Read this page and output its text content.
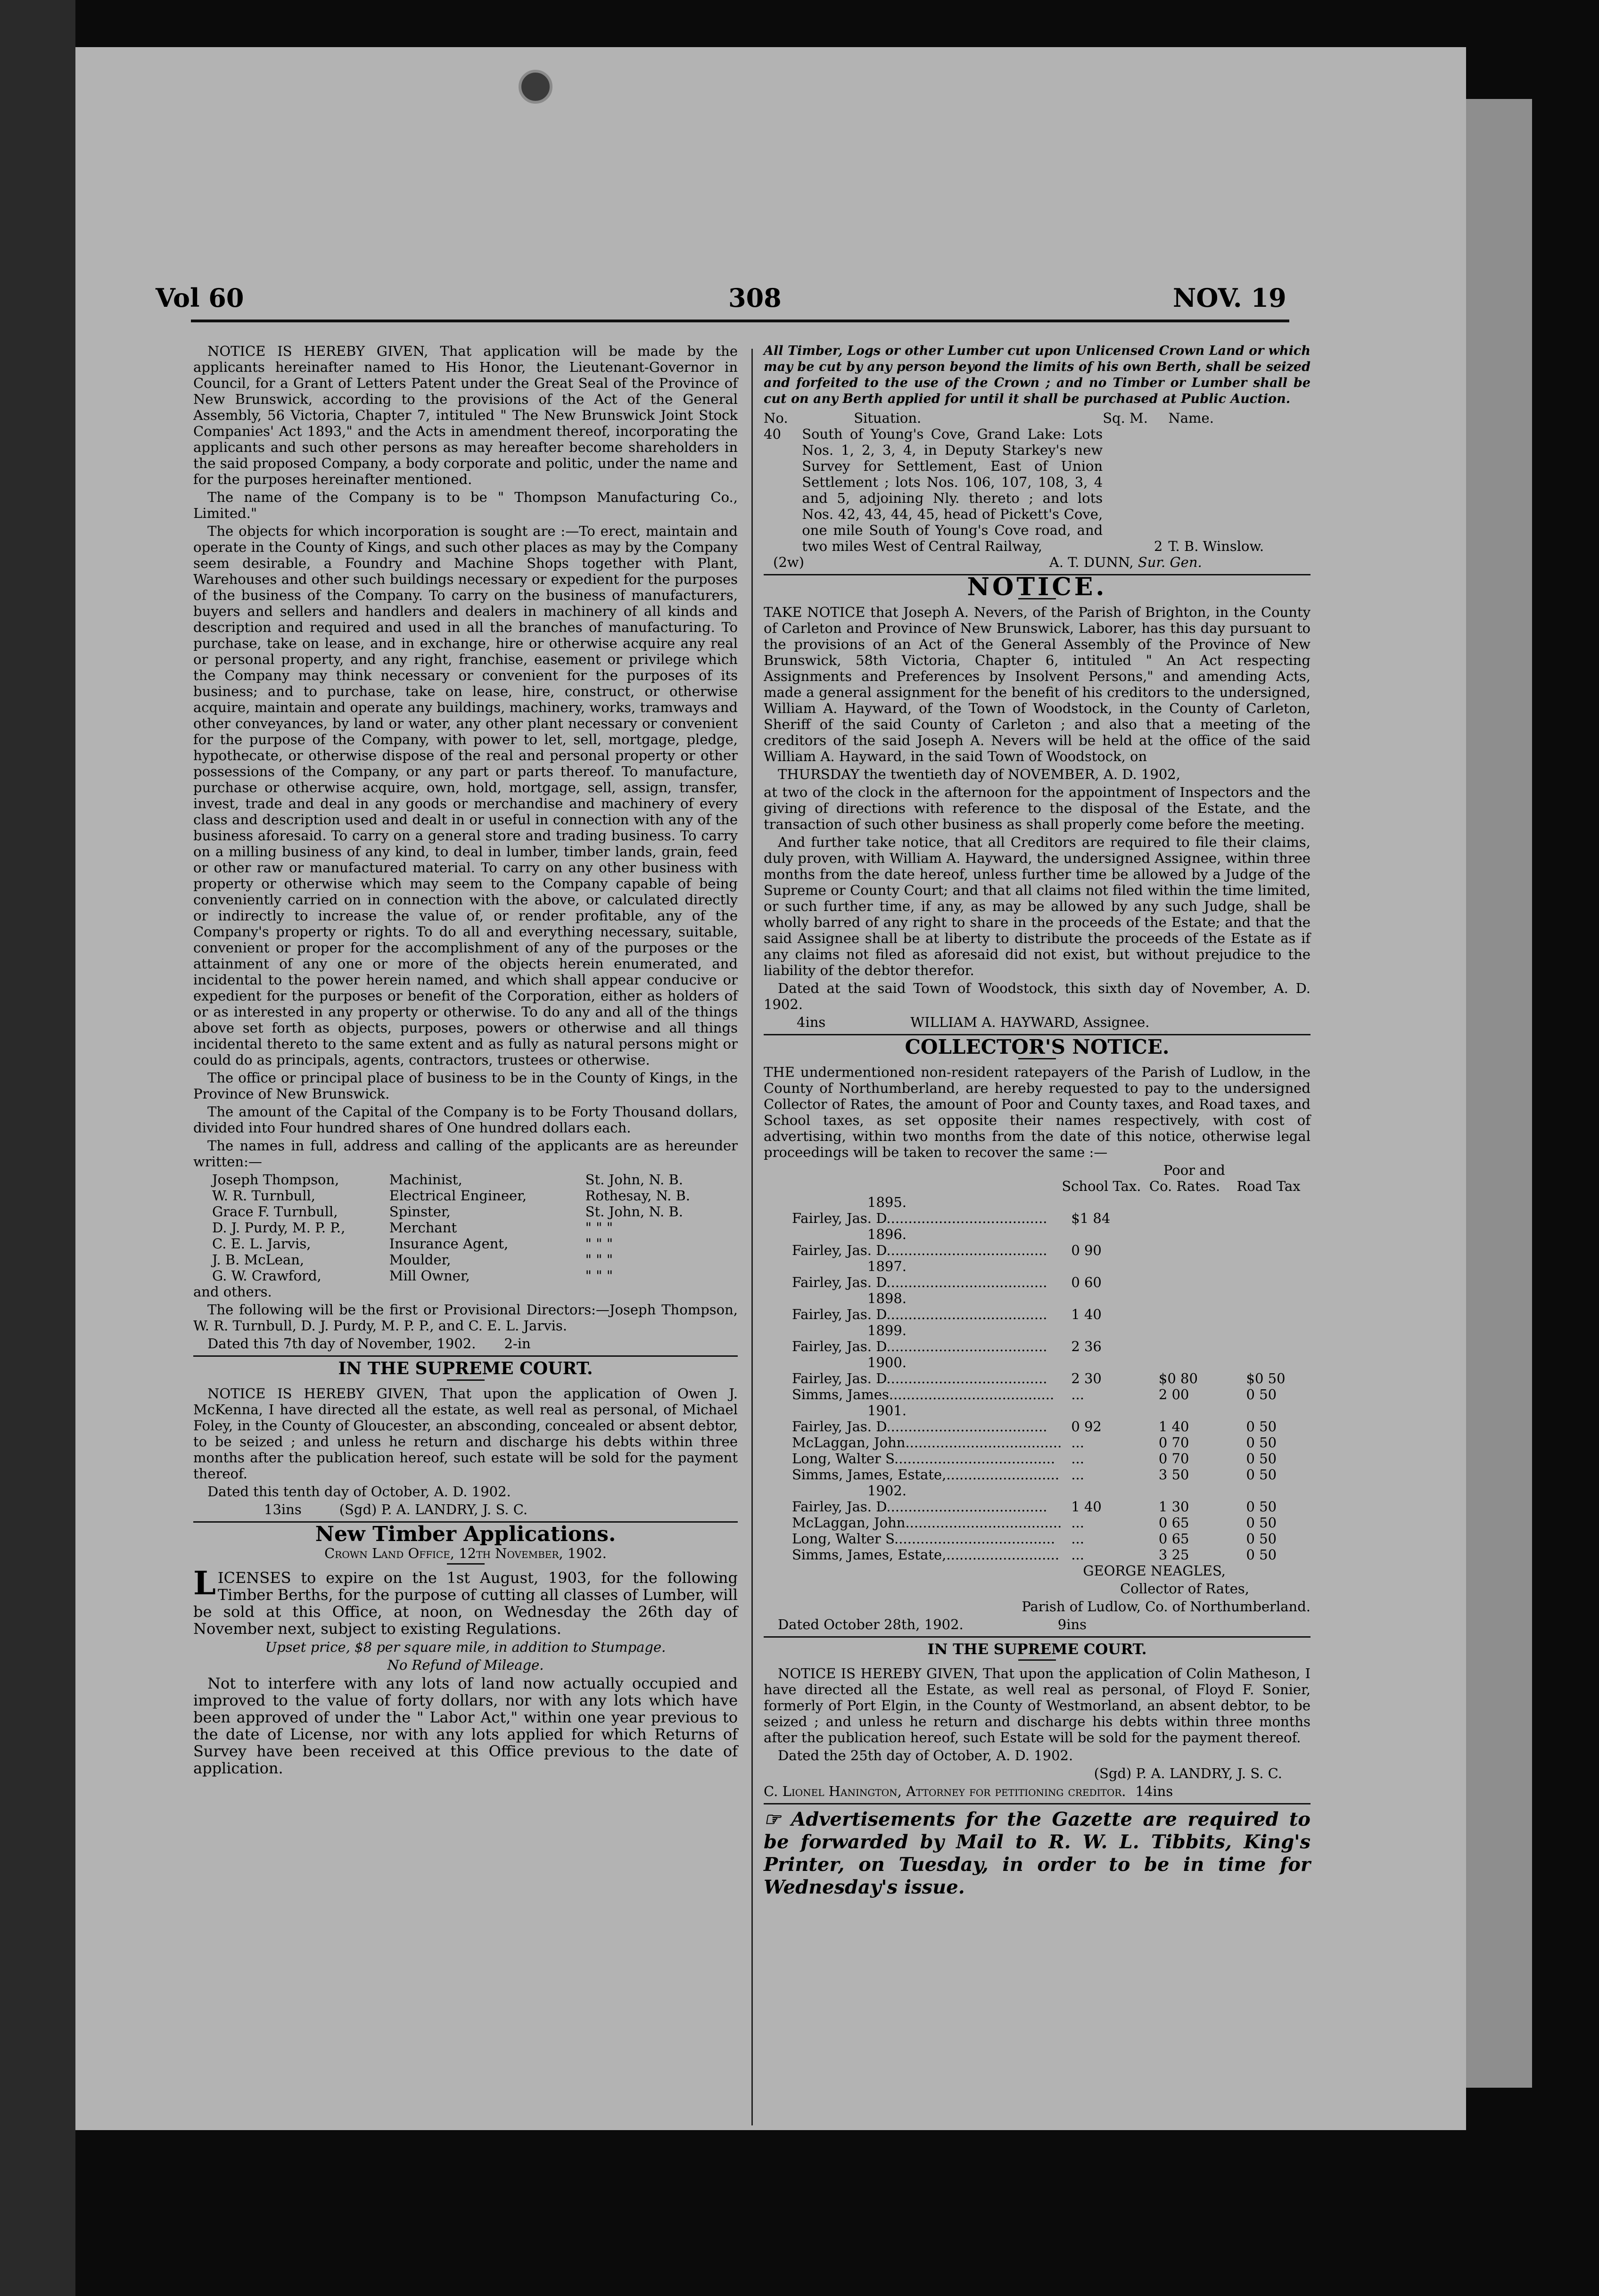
Vol 60	308	NOV. 19

NOTICE IS HEREBY GIVEN, That application will be made by the applicants hereinafter named to His Honor, the Lieutenant-Governor in Council, for a Grant of Letters Patent under the Great Seal of the Province of New Brunswick, according to the provisions of the Act of the General Assembly, 56 Victoria, Chapter 7, intituled " The New Brunswick Joint Stock Companies' Act 1893," and the Acts in amendment thereof, incorporating the applicants and such other persons as may hereafter become shareholders in the said proposed Company, a body corporate and politic, under the name and for the purposes hereinafter mentioned.

The name of the Company is to be " Thompson Manufacturing Co., Limited."

The objects for which incorporation is sought are :—To erect, maintain and operate in the County of Kings, and such other places as may by the Company seem desirable, a Foundry and Machine Shops together with Plant, Warehouses and other such buildings necessary or expedient for the purposes of the business of the Company. To carry on the business of manufacturers, buyers and sellers and handlers and dealers in machinery of all kinds and description and required and used in all the branches of manufacturing. To purchase, take on lease, and in exchange, hire or otherwise acquire any real or personal property, and any right, franchise, easement or privilege which the Company may think necessary or convenient for the purposes of its business; and to purchase, take on lease, hire, construct, or otherwise acquire, maintain and operate any buildings, machinery, works, tramways and other conveyances, by land or water, any other plant necessary or convenient for the purpose of the Company, with power to let, sell, mortgage, pledge, hypothecate, or otherwise dispose of the real and personal property or other possessions of the Company, or any part or parts thereof. To manufacture, purchase or otherwise acquire, own, hold, mortgage, sell, assign, transfer, invest, trade and deal in any goods or merchandise and machinery of every class and description used and dealt in or useful in connection with any of the business aforesaid. To carry on a general store and trading business. To carry on a milling business of any kind, to deal in lumber, timber lands, grain, feed or other raw or manufactured material. To carry on any other business with property or otherwise which may seem to the Company capable of being conveniently carried on in connection with the above, or calculated directly or indirectly to increase the value of, or render profitable, any of the Company's property or rights. To do all and everything necessary, suitable, convenient or proper for the accomplishment of any of the purposes or the attainment of any one or more of the objects herein enumerated, and incidental to the power herein named, and which shall appear conducive or expedient for the purposes or benefit of the Corporation, either as holders of or as interested in any property or otherwise. To do any and all of the things above set forth as objects, purposes, powers or otherwise and all things incidental thereto to the same extent and as fully as natural persons might or could do as principals, agents, contractors, trustees or otherwise.

The office or principal place of business to be in the County of Kings, in the Province of New Brunswick.

The amount of the Capital of the Company is to be Forty Thousand dollars, divided into Four hundred shares of One hundred dollars each.

The names in full, address and calling of the applicants are as hereunder written:—

Joseph Thompson,	Machinist,	St. John, N. B.
W. R. Turnbull,	Electrical Engineer,	Rothesay, N. B.
Grace F. Turnbull,	Spinster,	St. John, N. B.
D. J. Purdy, M. P. P.,	Merchant	" " "
C. E. L. Jarvis,	Insurance Agent,	" " "
J. B. McLean,	Moulder,	" " "
G. W. Crawford,	Mill Owner,	" " "

and others.

The following will be the first or Provisional Directors:—Joseph Thompson, W. R. Turnbull, D. J. Purdy, M. P. P., and C. E. L. Jarvis.

Dated this 7th day of November, 1902. 2-in

IN THE SUPREME COURT.

NOTICE IS HEREBY GIVEN, That upon the application of Owen J. McKenna, I have directed all the estate, as well real as personal, of Michael Foley, in the County of Gloucester, an absconding, concealed or absent debtor, to be seized ; and unless he return and discharge his debts within three months after the publication hereof, such estate will be sold for the payment thereof.

Dated this tenth day of October, A. D. 1902.

13ins	(Sgd) P. A. LANDRY, J. S. C.

New Timber Applications.

Crown Land Office, 12th November, 1902.

LICENSES to expire on the 1st August, 1903, for the following Timber Berths, for the purpose of cutting all classes of Lumber, will be sold at this Office, at noon, on Wednesday the 26th day of November next, subject to existing Regulations.

Upset price, $8 per square mile, in addition to Stumpage.

No Refund of Mileage.

Not to interfere with any lots of land now actually occupied and improved to the value of forty dollars, nor with any lots which have been approved of under the " Labor Act," within one year previous to the date of License, nor with any lots applied for which Returns of Survey have been received at this Office previous to the date of application.

All Timber, Logs or other Lumber cut upon Unlicensed Crown Land or which may be cut by any person beyond the limits of his own Berth, shall be seized and forfeited to the use of the Crown ; and no Timber or Lumber shall be cut on any Berth applied for until it shall be purchased at Public Auction.

No.	Situation.	Sq. M.	Name.
40	South of Young's Cove, Grand Lake: Lots Nos. 1, 2, 3, 4, in Deputy Starkey's new Survey for Settlement, East of Union Settlement ; lots Nos. 106, 107, 108, 3, 4 and 5, adjoining Nly. thereto ; and lots Nos. 42, 43, 44, 45, head of Pickett's Cove, one mile South of Young's Cove road, and two miles West of Central Railway,	2	T. B. Winslow.

(2w)	A. T. DUNN, Sur. Gen.

NOTICE.

TAKE NOTICE that Joseph A. Nevers, of the Parish of Brighton, in the County of Carleton and Province of New Brunswick, Laborer, has this day pursuant to the provisions of an Act of the General Assembly of the Province of New Brunswick, 58th Victoria, Chapter 6, intituled " An Act respecting Assignments and Preferences by Insolvent Persons," and amending Acts, made a general assignment for the benefit of his creditors to the undersigned, William A. Hayward, of the Town of Woodstock, in the County of Carleton, Sheriff of the said County of Carleton ; and also that a meeting of the creditors of the said Joseph A. Nevers will be held at the office of the said William A. Hayward, in the said Town of Woodstock, on

THURSDAY the twentieth day of NOVEMBER, A. D. 1902,

at two of the clock in the afternoon for the appointment of Inspectors and the giving of directions with reference to the disposal of the Estate, and the transaction of such other business as shall properly come before the meeting.

And further take notice, that all Creditors are required to file their claims, duly proven, with William A. Hayward, the undersigned Assignee, within three months from the date hereof, unless further time be allowed by a Judge of the Supreme or County Court; and that all claims not filed within the time limited, or such further time, if any, as may be allowed by any such Judge, shall be wholly barred of any right to share in the proceeds of the Estate; and that the said Assignee shall be at liberty to distribute the proceeds of the Estate as if any claims not filed as aforesaid did not exist, but without prejudice to the liability of the debtor therefor.

Dated at the said Town of Woodstock, this sixth day of November, A. D. 1902.

4ins	WILLIAM A. HAYWARD, Assignee.

COLLECTOR'S NOTICE.

THE undermentioned non-resident ratepayers of the Parish of Ludlow, in the County of Northumberland, are hereby requested to pay to the undersigned Collector of Rates, the amount of Poor and County taxes, and Road taxes, and School taxes, as set opposite their names respectively, with cost of advertising, within two months from the date of this notice, otherwise legal proceedings will be taken to recover the same :—

		Poor and	
	School Tax.	Co. Rates.	Road Tax
1895.			
Fairley, Jas. D.....................................	$1 84		
1896.			
Fairley, Jas. D.....................................	0 90		
1897.			
Fairley, Jas. D.....................................	0 60		
1898.			
Fairley, Jas. D.....................................	1 40		
1899.			
Fairley, Jas. D.....................................	2 36		
1900.			
Fairley, Jas. D.....................................	2 30	$0 80	$0 50
Simms, James......................................	...	2 00	0 50
1901.			
Fairley, Jas. D.....................................	0 92	1 40	0 50
McLaggan, John....................................	...	0 70	0 50
Long, Walter S.....................................	...	0 70	0 50
Simms, James, Estate,..........................	...	3 50	0 50
1902.			
Fairley, Jas. D.....................................	1 40	1 30	0 50
McLaggan, John....................................	...	0 65	0 50
Long, Walter S.....................................	...	0 65	0 50
Simms, James, Estate,..........................	...	3 25	0 50

GEORGE NEAGLES,

Collector of Rates,

Parish of Ludlow, Co. of Northumberland.

Dated October 28th, 1902.	9ins

IN THE SUPREME COURT.

NOTICE IS HEREBY GIVEN, That upon the application of Colin Matheson, I have directed all the Estate, as well real as personal, of Floyd F. Sonier, formerly of Port Elgin, in the County of Westmorland, an absent debtor, to be seized ; and unless he return and discharge his debts within three months after the publication hereof, such Estate will be sold for the payment thereof.

Dated the 25th day of October, A. D. 1902.

(Sgd) P. A. LANDRY, J. S. C.

C. Lionel Hanington, Attorney for petitioning creditor. 14ins

☞ Advertisements for the Gazette are required to be forwarded by Mail to R. W. L. Tibbits, King's Printer, on Tuesday, in order to be in time for Wednesday's issue.
